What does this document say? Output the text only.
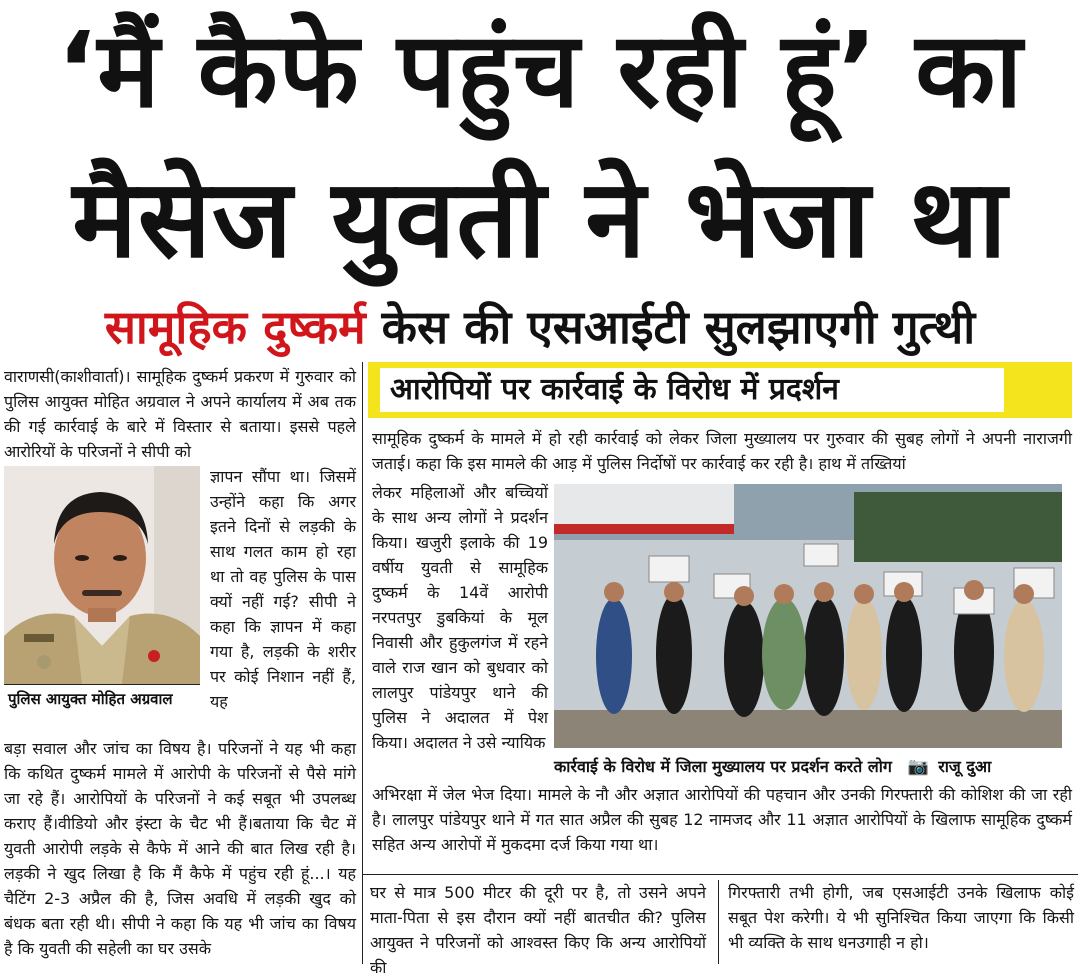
‘मैं कैफे पहुंच रही हूं’ का
मैसेज युवती ने भेजा था
सामूहिक दुष्कर्म केस की एसआईटी सुलझाएगी गुत्थी
वाराणसी(काशीवार्ता)। सामूहिक दुष्कर्म प्रकरण में गुरुवार को पुलिस आयुक्त मोहित अग्रवाल ने अपने कार्यालय में अब तक की गई कार्रवाई के बारे में विस्तार से बताया। इससे पहले आरोरियों के परिजनों ने सीपी को
पुलिस आयुक्त मोहित अग्रवाल
ज्ञापन सौंपा था। जिसमें उन्होंने कहा कि अगर इतने दिनों से लड़की के साथ गलत काम हो रहा था तो वह पुलिस के पास क्यों नहीं गई? सीपी ने कहा कि ज्ञापन में कहा गया है, लड़की के शरीर पर कोई निशान नहीं हैं, यह
बड़ा सवाल और जांच का विषय है। परिजनों ने यह भी कहा कि कथित दुष्कर्म मामले में आरोपी के परिजनों से पैसे मांगे जा रहे हैं। आरोपियों के परिजनों ने कई सबूत भी उपलब्ध कराए हैं।वीडियो और इंस्टा के चैट भी हैं।बताया कि चैट में युवती आरोपी लड़के से कैफे में आने की बात लिख रही है। लड़की ने खुद लिखा है कि मैं कैफे में पहुंच रही हूं...। यह चैटिंग 2-3 अप्रैल की है, जिस अवधि में लड़की खुद को बंधक बता रही थी। सीपी ने कहा कि यह भी जांच का विषय है कि युवती की सहेली का घर उसके
आरोपियों पर कार्रवाई के विरोध में प्रदर्शन
सामूहिक दुष्कर्म के मामले में हो रही कार्रवाई को लेकर जिला मुख्यालय पर गुरुवार की सुबह लोगों ने अपनी नाराजगी जताई। कहा कि इस मामले की आड़ में पुलिस निर्दोषों पर कार्रवाई कर रही है। हाथ में तख्तियां
लेकर महिलाओं और बच्चियों के साथ अन्य लोगों ने प्रदर्शन किया। खजुरी इलाके की 19 वर्षीय युवती से सामूहिक दुष्कर्म के 14वें आरोपी नरपतपुर डुबकियां के मूल निवासी और हुकुलगंज में रहने वाले राज खान को बुधवार को लालपुर पांडेयपुर थाने की पुलिस ने अदालत में पेश किया। अदालत ने उसे न्यायिक
कार्रवाई के विरोध में जिला मुख्यालय पर प्रदर्शन करते लोग 📷 राजू दुआ
अभिरक्षा में जेल भेज दिया। मामले के नौ और अज्ञात आरोपियों की पहचान और उनकी गिरफ्तारी की कोशिश की जा रही है। लालपुर पांडेयपुर थाने में गत सात अप्रैल की सुबह 12 नामजद और 11 अज्ञात आरोपियों के खिलाफ सामूहिक दुष्कर्म सहित अन्य आरोपों में मुकदमा दर्ज किया गया था।
घर से मात्र 500 मीटर की दूरी पर है, तो उसने अपने माता-पिता से इस दौरान क्यों नहीं बातचीत की? पुलिस आयुक्त ने परिजनों को आश्वस्त किए कि अन्य आरोपियों की
गिरफ्तारी तभी होगी, जब एसआईटी उनके खिलाफ कोई सबूत पेश करेगी। ये भी सुनिश्चित किया जाएगा कि किसी भी व्यक्ति के साथ धनउगाही न हो।
